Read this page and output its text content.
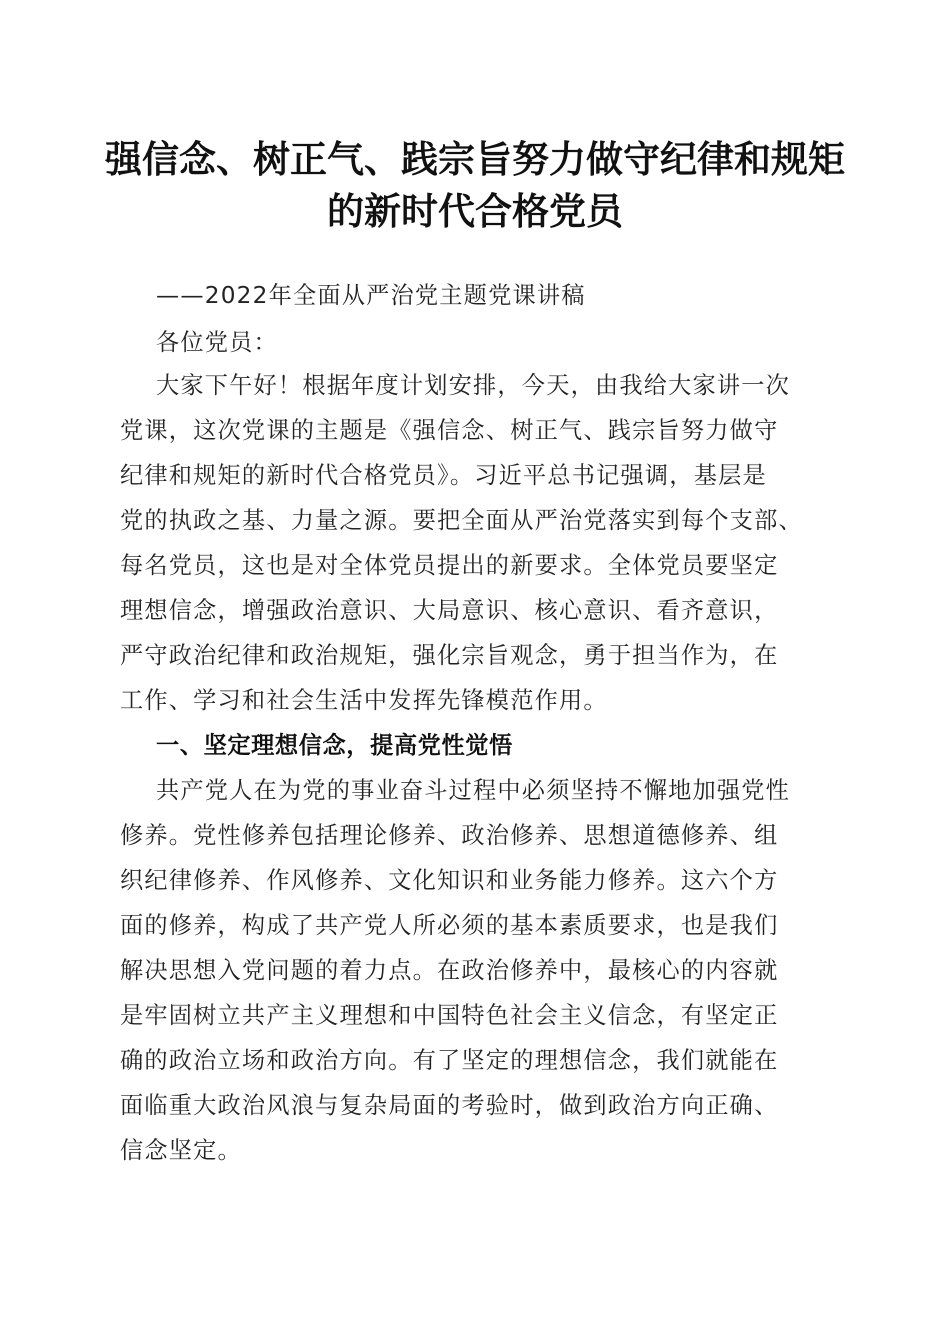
强信念、树正气、践宗旨努力做守纪律和规矩
的新时代合格党员

——2022年全面从严治党主题党课讲稿

各位党员：

大家下午好！根据年度计划安排，今天，由我给大家讲一次

党课，这次党课的主题是《强信念、树正气、践宗旨努力做守

纪律和规矩的新时代合格党员》。习近平总书记强调，基层是

党的执政之基、力量之源。要把全面从严治党落实到每个支部、

每名党员，这也是对全体党员提出的新要求。全体党员要坚定

理想信念，增强政治意识、大局意识、核心意识、看齐意识，

严守政治纪律和政治规矩，强化宗旨观念，勇于担当作为，在

工作、学习和社会生活中发挥先锋模范作用。

一、坚定理想信念，提高党性觉悟

共产党人在为党的事业奋斗过程中必须坚持不懈地加强党性

修养。党性修养包括理论修养、政治修养、思想道德修养、组

织纪律修养、作风修养、文化知识和业务能力修养。这六个方

面的修养，构成了共产党人所必须的基本素质要求，也是我们

解决思想入党问题的着力点。在政治修养中，最核心的内容就

是牢固树立共产主义理想和中国特色社会主义信念，有坚定正

确的政治立场和政治方向。有了坚定的理想信念，我们就能在

面临重大政治风浪与复杂局面的考验时，做到政治方向正确、

信念坚定。
